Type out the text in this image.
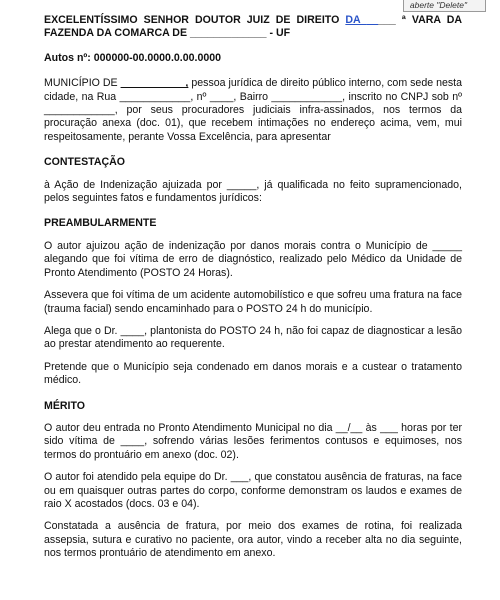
aberte "Delete"
EXCELENTÍSSIMO SENHOR DOUTOR JUIZ DE DIREITO DA _____ ª VARA DA FAZENDA DA COMARCA DE _____________ - UF
Autos nº: 000000-00.0000.0.00.0000

MUNICÍPIO DE ___________, pessoa jurídica de direito público interno, com sede nesta cidade, na Rua ____________, nº ____, Bairro ____________, inscrito no CNPJ sob nº ____________, por seus procuradores judiciais infra-assinados, nos termos da procuração anexa (doc. 01), que recebem intimações no endereço acima, vem, mui respeitosamente, perante Vossa Excelência, para apresentar

CONTESTAÇÃO

à Ação de Indenização ajuizada por _____, já qualificada no feito supramencionado, pelos seguintes fatos e fundamentos jurídicos:

PREAMBULARMENTE

O autor ajuizou ação de indenização por danos morais contra o Município de _____ alegando que foi vítima de erro de diagnóstico, realizado pelo Médico da Unidade de Pronto Atendimento (POSTO 24 Horas).

Assevera que foi vítima de um acidente automobilístico e que sofreu uma fratura na face (trauma facial) sendo encaminhado para o POSTO 24 h do município.

Alega que o Dr. ____, plantonista do POSTO 24 h, não foi capaz de diagnosticar a lesão ao prestar atendimento ao requerente.

Pretende que o Município seja condenado em danos morais e a custear o tratamento médico.

MÉRITO

O autor deu entrada no Pronto Atendimento Municipal no dia __/__ às ___ horas por ter sido vítima de ____, sofrendo várias lesões ferimentos contusos e equimoses, nos termos do prontuário em anexo (doc. 02).

O autor foi atendido pela equipe do Dr. ___, que constatou ausência de fraturas, na face ou em quaisquer outras partes do corpo, conforme demonstram os laudos e exames de raio X acostados (docs. 03 e 04).

Constatada a ausência de fratura, por meio dos exames de rotina, foi realizada assepsia, sutura e curativo no paciente, ora autor, vindo a receber alta no dia seguinte, nos termos prontuário de atendimento em anexo.
